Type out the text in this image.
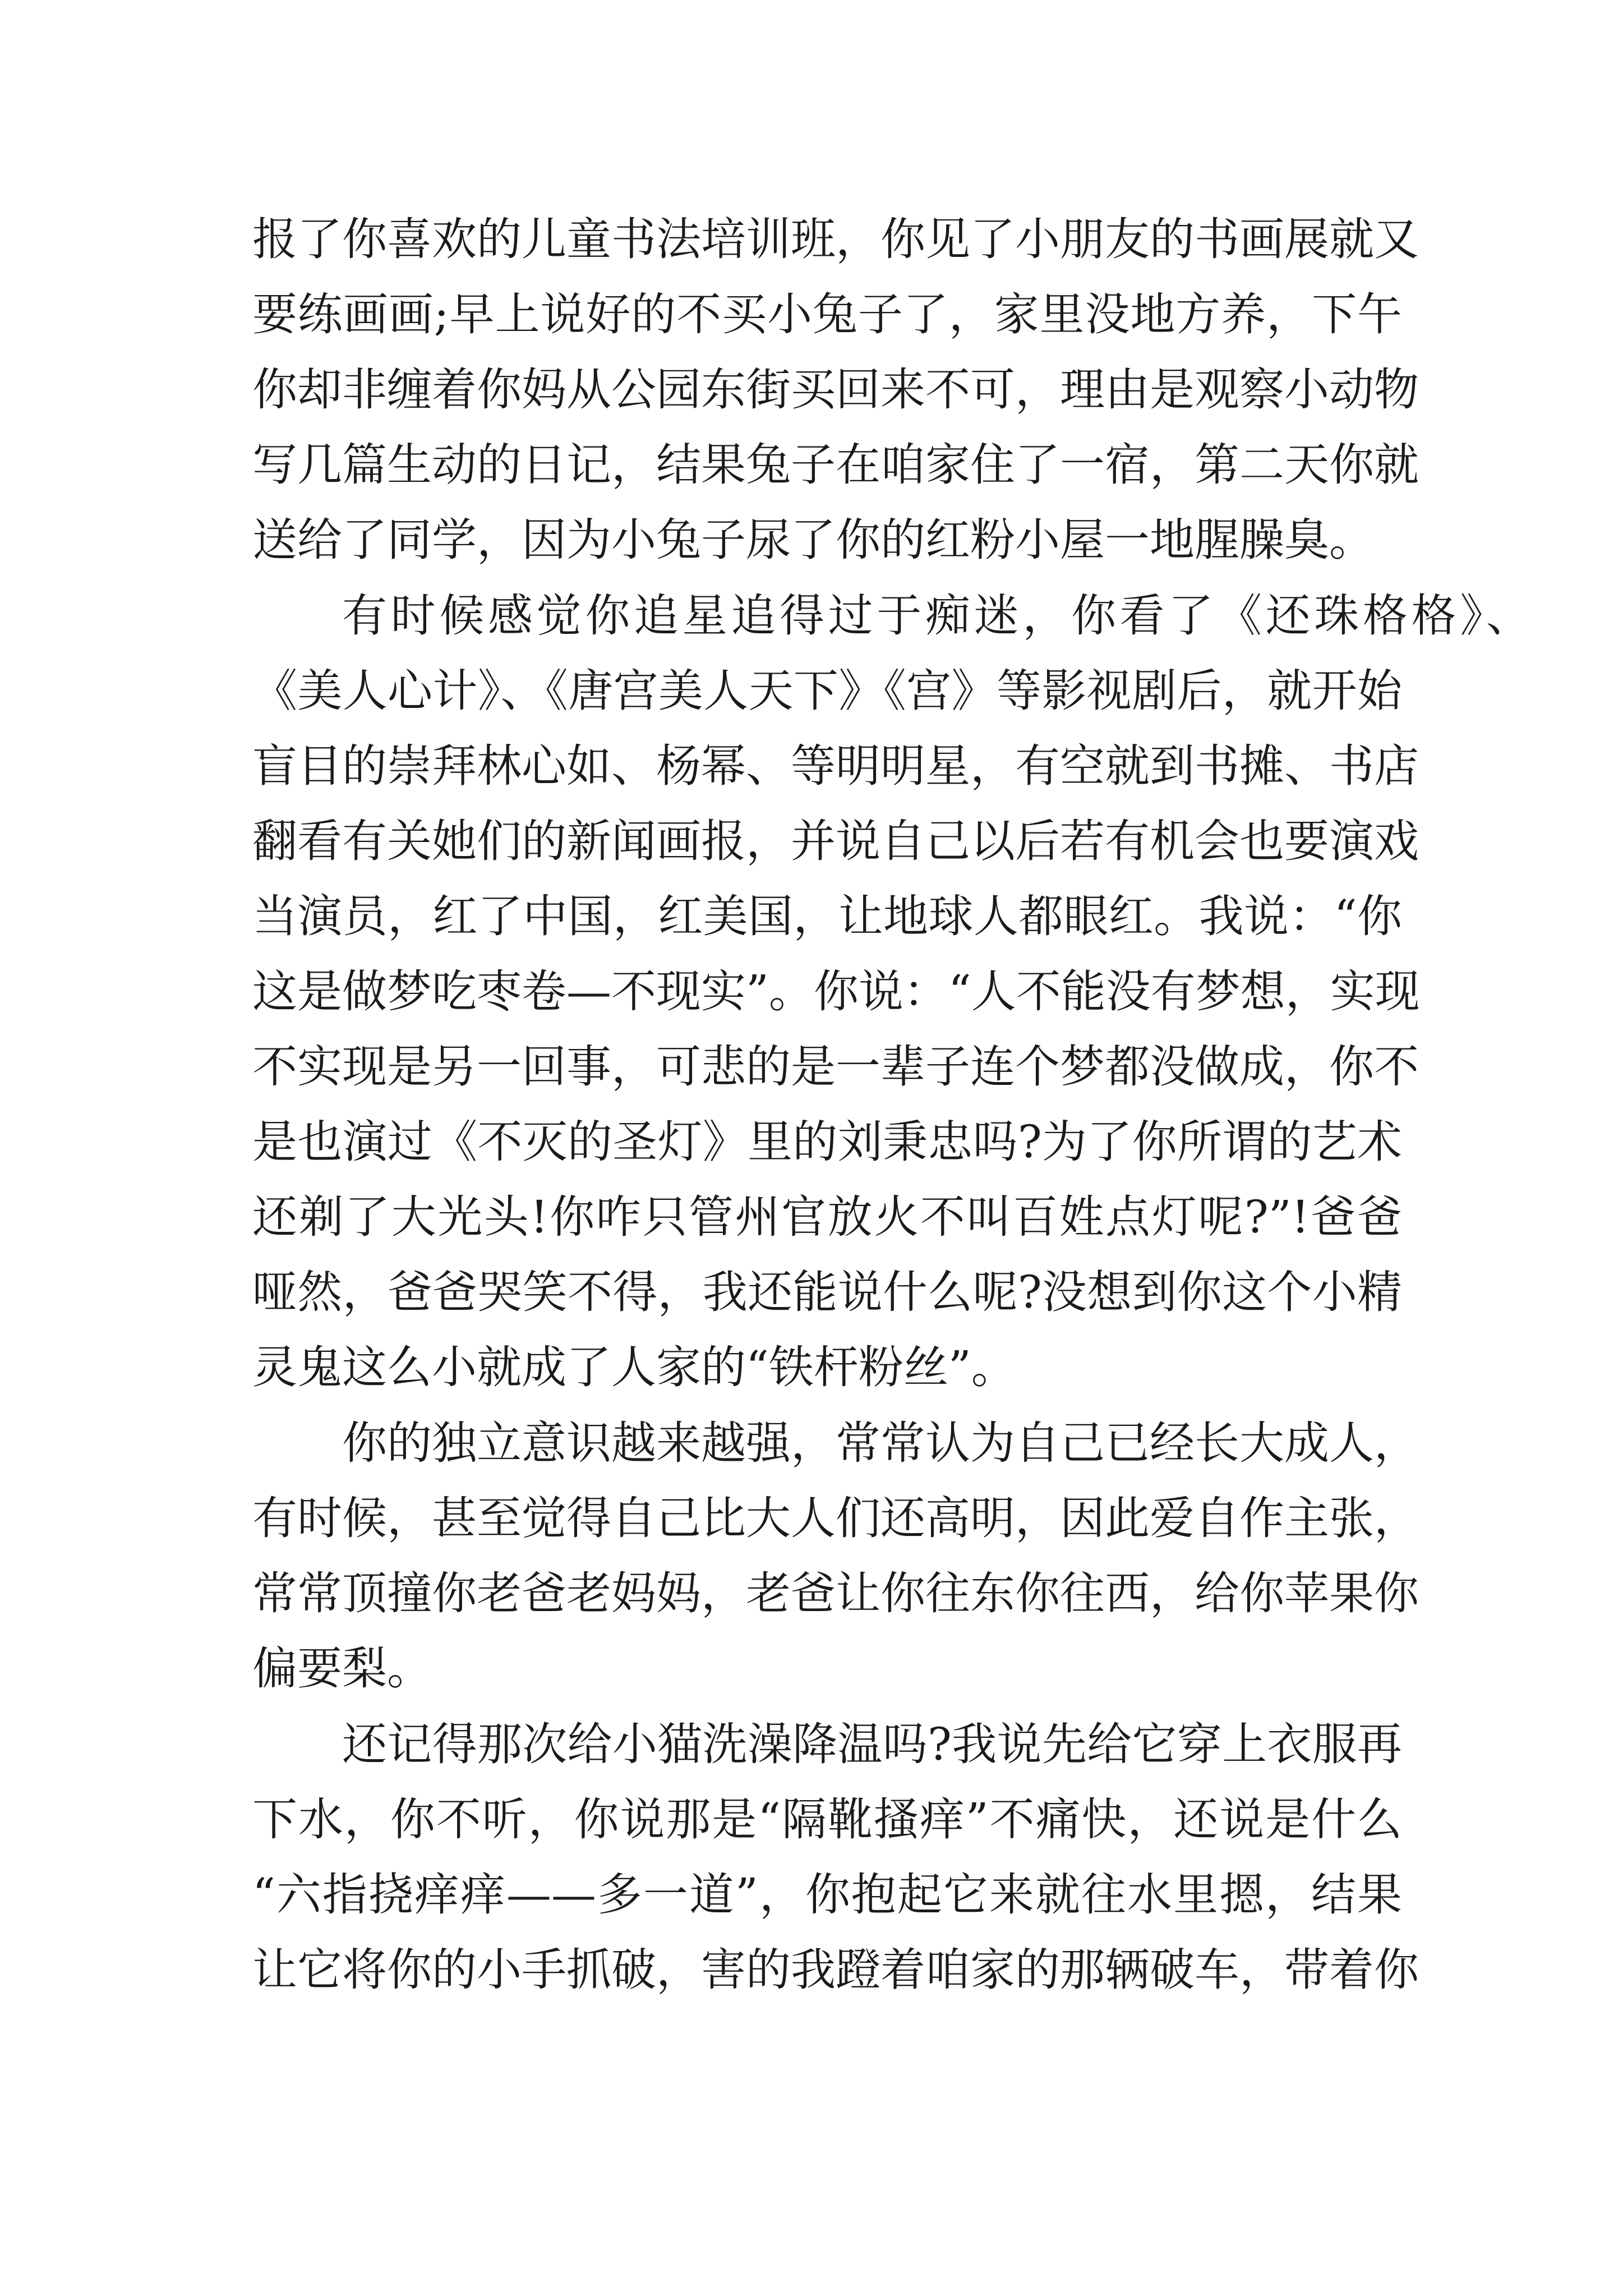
报了你喜欢的儿童书法培训班，你见了小朋友的书画展就又
要练画画;早上说好的不买小兔子了，家里没地方养，下午
你却非缠着你妈从公园东街买回来不可，理由是观察小动物
写几篇生动的日记，结果兔子在咱家住了一宿，第二天你就
送给了同学，因为小兔子尿了你的红粉小屋一地腥臊臭。
有时候感觉你追星追得过于痴迷，你看了《还珠格格》、
《美人心计》、《唐宫美人天下》《宫》等影视剧后，就开始
盲目的崇拜林心如、杨幂、等明明星，有空就到书摊、书店
翻看有关她们的新闻画报，并说自己以后若有机会也要演戏
当演员，红了中国，红美国，让地球人都眼红。我说：“你
这是做梦吃枣卷—不现实”。你说：“人不能没有梦想，实现
不实现是另一回事，可悲的是一辈子连个梦都没做成，你不
是也演过《不灭的圣灯》里的刘秉忠吗?为了你所谓的艺术
还剃了大光头!你咋只管州官放火不叫百姓点灯呢?”!爸爸
哑然，爸爸哭笑不得，我还能说什么呢?没想到你这个小精
灵鬼这么小就成了人家的“铁杆粉丝”。
你的独立意识越来越强，常常认为自己已经长大成人，
有时候，甚至觉得自己比大人们还高明，因此爱自作主张，
常常顶撞你老爸老妈妈，老爸让你往东你往西，给你苹果你
偏要梨。
还记得那次给小猫洗澡降温吗?我说先给它穿上衣服再
下水，你不听，你说那是“隔靴搔痒”不痛快，还说是什么
“六指挠痒痒——多一道”，你抱起它来就往水里摁，结果
让它将你的小手抓破，害的我蹬着咱家的那辆破车，带着你
